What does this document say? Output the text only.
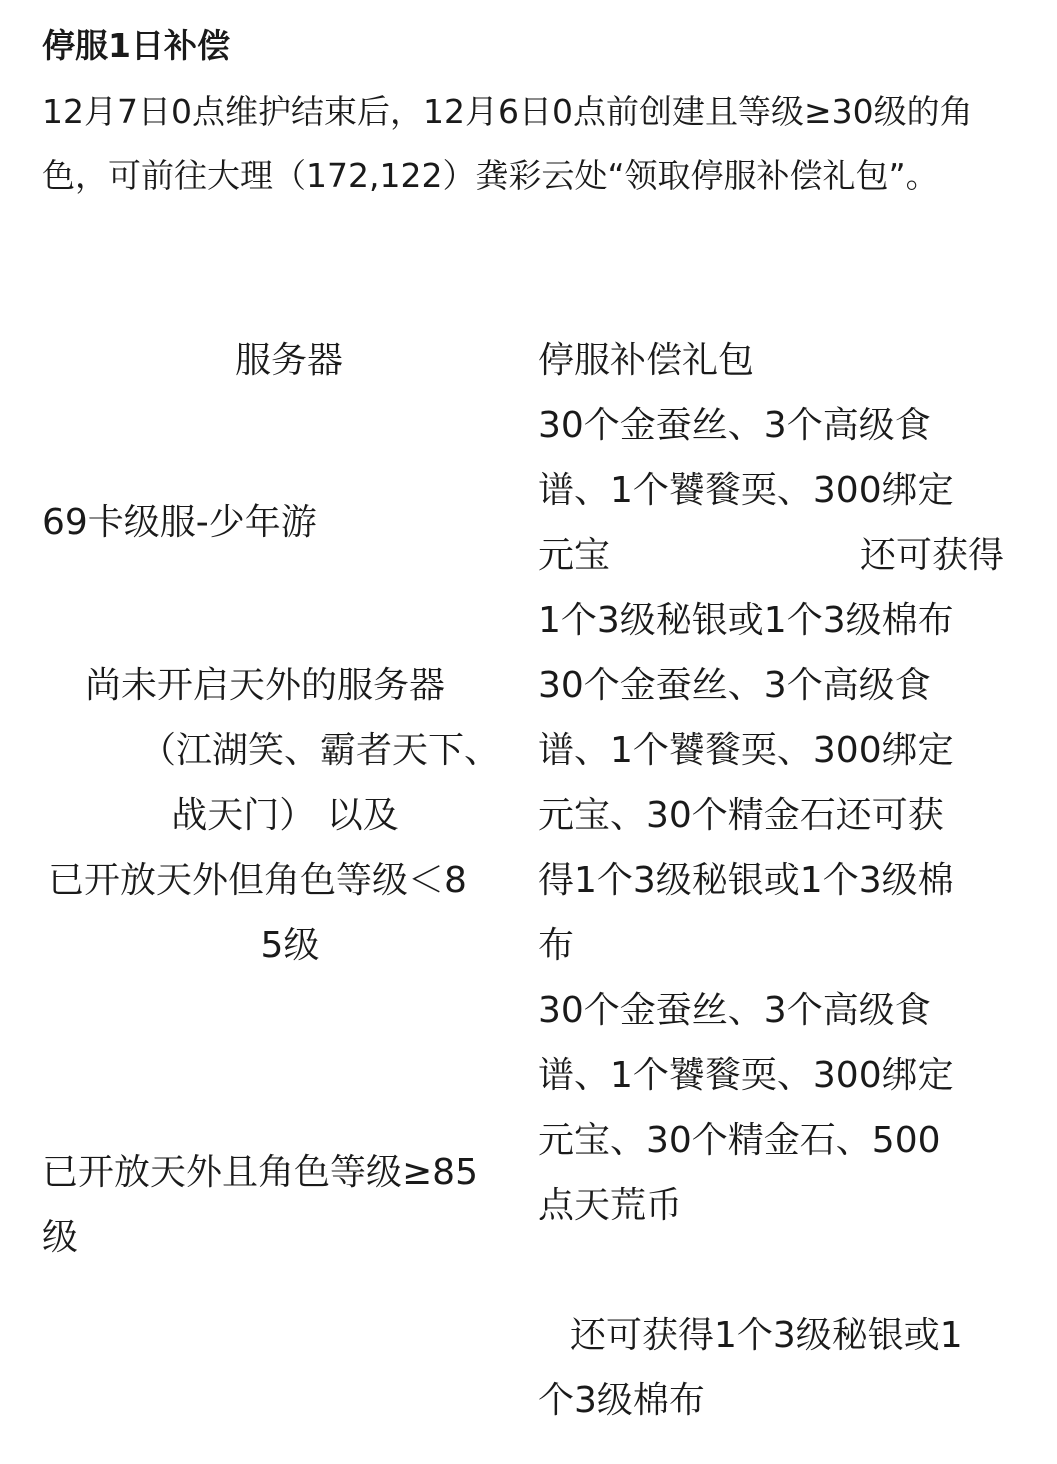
停服1日补偿
12月7日0点维护结束后，12月6日0点前创建且等级≥30级的角色，可前往大理（172,122）龚彩云处“领取停服补偿礼包”。
服务器	停服补偿礼包
69卡级服-少年游
30个金蚕丝、3个高级食
谱、1个饕餮耎、300绑定
元宝	还可获得
1个3级秘银或1个3级棉布
尚未开启天外的服务器
（江湖笑、霸者天下、
战天门） 以及
已开放天外但角色等级＜8
5级
30个金蚕丝、3个高级食
谱、1个饕餮耎、300绑定
元宝、30个精金石还可获
得1个3级秘银或1个3级棉
布
已开放天外且角色等级≥85
级
30个金蚕丝、3个高级食
谱、1个饕餮耎、300绑定
元宝、30个精金石、500
点天荒币
还可获得1个3级秘银或1
个3级棉布
